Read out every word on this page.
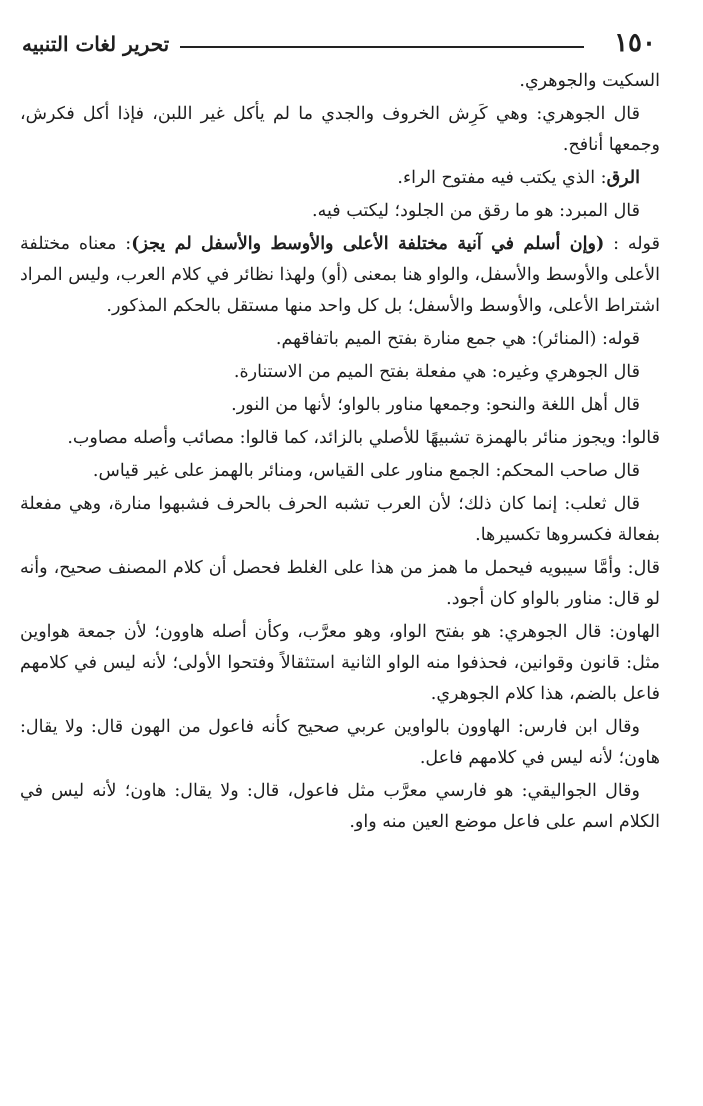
١٥٠
تحرير لغات التنبيه

السكيت والجوهري.

قال الجوهري: وهي كَرِش الخروف والجدي ما لم يأكل غير اللبن، فإذا أكل فكرش، وجمعها أنافح.

الرق: الذي يكتب فيه مفتوح الراء.

قال المبرد: هو ما رقق من الجلود؛ ليكتب فيه.

قوله : (وإن أسلم في آنية مختلفة الأعلى والأوسط والأسفل لم يجز): معناه مختلفة الأعلى والأوسط والأسفل، والواو هنا بمعنى (أو) ولهذا نظائر في كلام العرب، وليس المراد اشتراط الأعلى، والأوسط والأسفل؛ بل كل واحد منها مستقل بالحكم المذكور.

قوله: (المنائر): هي جمع منارة بفتح الميم باتفاقهم.

قال الجوهري وغيره: هي مفعلة بفتح الميم من الاستنارة.

قال أهل اللغة والنحو: وجمعها مناور بالواو؛ لأنها من النور.

قالوا: ويجوز منائر بالهمزة تشبيهًا للأصلي بالزائد، كما قالوا: مصائب وأصله مصاوب.

قال صاحب المحكم: الجمع مناور على القياس، ومنائر بالهمز على غير قياس.

قال ثعلب: إنما كان ذلك؛ لأن العرب تشبه الحرف بالحرف فشبهوا منارة، وهي مفعلة بفعالة فكسروها تكسيرها.

قال: وأمَّا سيبويه فيحمل ما همز من هذا على الغلط فحصل أن كلام المصنف صحيح، وأنه لو قال: مناور بالواو كان أجود.

الهاون: قال الجوهري: هو بفتح الواو، وهو معرَّب، وكأن أصله هاوون؛ لأن جمعة هواوين مثل: قانون وقوانين، فحذفوا منه الواو الثانية استثقالاً وفتحوا الأولى؛ لأنه ليس في كلامهم فاعل بالضم، هذا كلام الجوهري.

وقال ابن فارس: الهاوون بالواوين عربي صحيح كأنه فاعول من الهون قال: ولا يقال: هاون؛ لأنه ليس في كلامهم فاعل.

وقال الجواليقي: هو فارسي معرَّب مثل فاعول، قال: ولا يقال: هاون؛ لأنه ليس في الكلام اسم على فاعل موضع العين منه واو.
